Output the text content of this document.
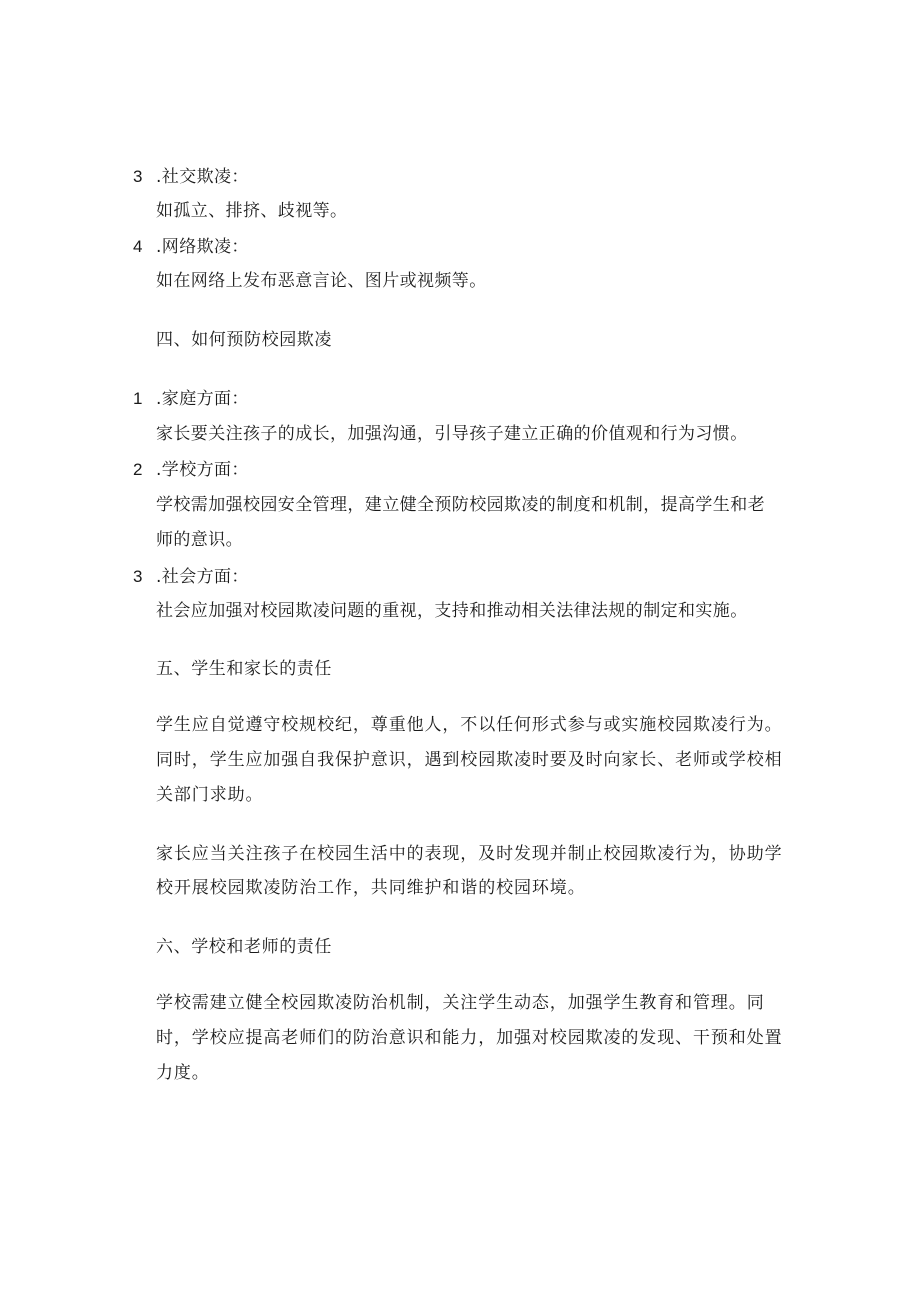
3 .社交欺凌：
如孤立、排挤、歧视等。
4 .网络欺凌：
如在网络上发布恶意言论、图片或视频等。
四、如何预防校园欺凌
1 .家庭方面：
家长要关注孩子的成长，加强沟通，引导孩子建立正确的价值观和行为习惯。
2 .学校方面：
学校需加强校园安全管理，建立健全预防校园欺凌的制度和机制，提高学生和老
师的意识。
3 .社会方面：
社会应加强对校园欺凌问题的重视，支持和推动相关法律法规的制定和实施。
五、学生和家长的责任
学生应自觉遵守校规校纪，尊重他人，不以任何形式参与或实施校园欺凌行为。
同时，学生应加强自我保护意识，遇到校园欺凌时要及时向家长、老师或学校相
关部门求助。
家长应当关注孩子在校园生活中的表现，及时发现并制止校园欺凌行为，协助学
校开展校园欺凌防治工作，共同维护和谐的校园环境。
六、学校和老师的责任
学校需建立健全校园欺凌防治机制，关注学生动态，加强学生教育和管理。同
时，学校应提高老师们的防治意识和能力，加强对校园欺凌的发现、干预和处置
力度。
